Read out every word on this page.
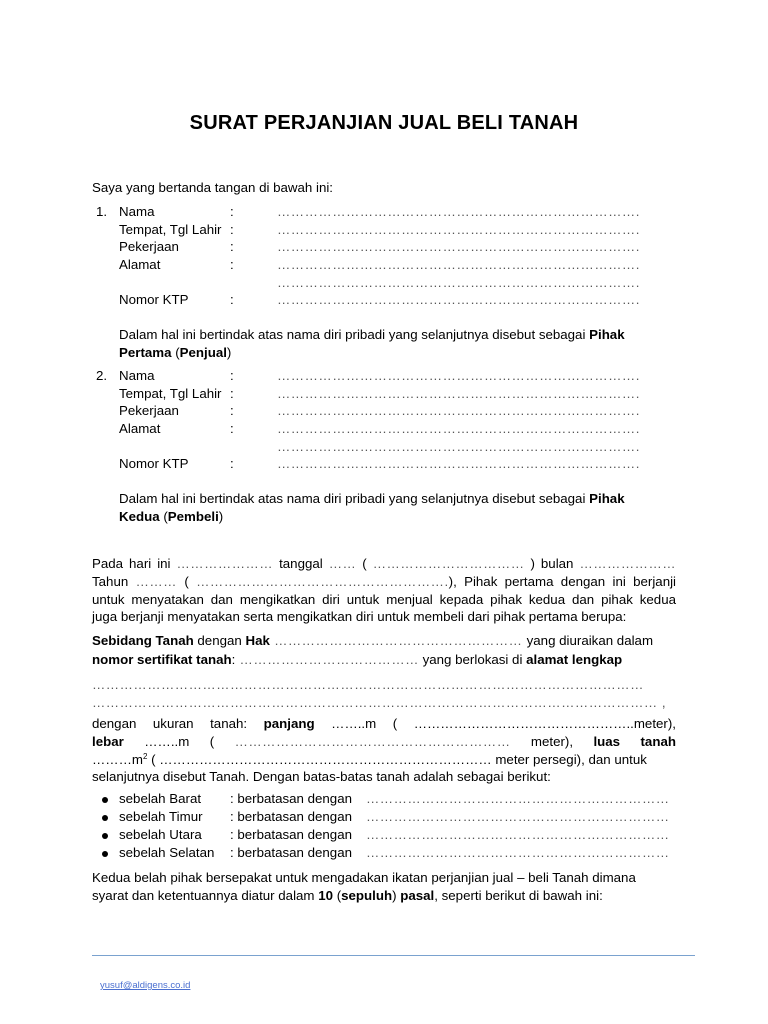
SURAT PERJANJIAN JUAL BELI TANAH
Saya yang bertanda tangan di bawah ini:
1. Nama	:	…………………………………………………………………….
Tempat, Tgl Lahir :	…………………………………………………………………….
Pekerjaan	:	…………………………………………………………………….
Alamat	:	…………………………………………………………………….
…………………………………………………………………….
Nomor KTP	:	…………………………………………………………………….
Dalam hal ini bertindak atas nama diri pribadi yang selanjutnya disebut sebagai Pihak
Pertama (Penjual)
2. Nama	:	…………………………………………………………………….
Tempat, Tgl Lahir :	…………………………………………………………………….
Pekerjaan	:	…………………………………………………………………….
Alamat	:	…………………………………………………………………….
…………………………………………………………………….
Nomor KTP	:	…………………………………………………………………….
Dalam hal ini bertindak atas nama diri pribadi yang selanjutnya disebut sebagai Pihak
Kedua (Pembeli)
Pada hari ini ………………… tanggal …… ( …………………………… ) bulan …………………
Tahun ……… ( ……………………………………………….), Pihak pertama dengan ini berjanji
untuk menyatakan dan mengikatkan diri untuk menjual kepada pihak kedua dan pihak kedua
juga berjanji menyatakan serta mengikatkan diri untuk membeli dari pihak pertama berupa:
Sebidang Tanah dengan Hak ……………………………………………… yang diuraikan dalam
nomor sertifikat tanah: ………………………………… yang berlokasi di alamat lengkap
…………………………………………………………………………………………………………
…………………………………………………………………………………………………………… ,
dengan ukuran tanah: panjang ……..m ( …………………………………………..meter),
lebar ……..m ( …………………………………………………… meter), luas tanah
$\dots\dots\dots m^2$ ( ………………………………………………………………… meter persegi), dan untuk
selanjutnya disebut Tanah. Dengan batas-batas tanah adalah sebagai berikut:
sebelah Barat : berbatasan dengan …………………………………………………………
sebelah Timur : berbatasan dengan …………………………………………………………
sebelah Utara : berbatasan dengan …………………………………………………………
sebelah Selatan : berbatasan dengan …………………………………………………………
Kedua belah pihak bersepakat untuk mengadakan ikatan perjanjian jual – beli Tanah dimana
syarat dan ketentuannya diatur dalam 10 (sepuluh) pasal, seperti berikut di bawah ini:
yusuf@aldigens.co.id
